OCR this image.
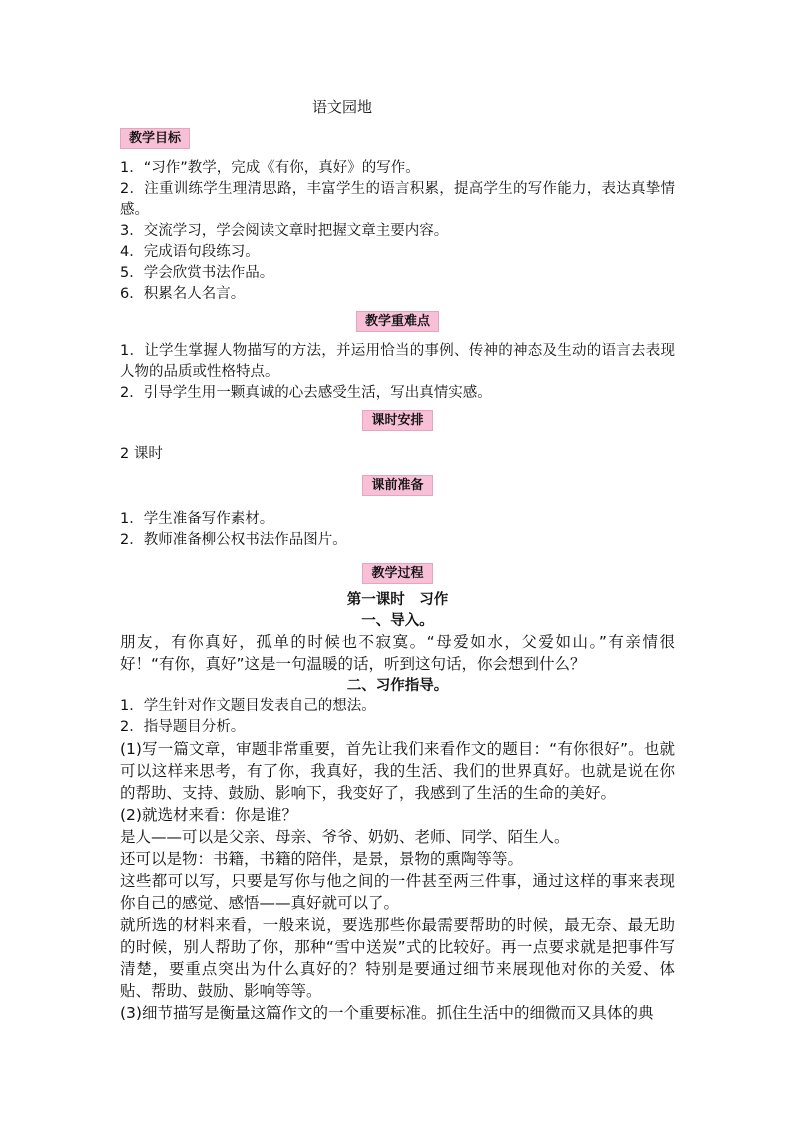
语文园地
教学目标
1．“习作”教学，完成《有你，真好》的写作。
2．注重训练学生理清思路，丰富学生的语言积累，提高学生的写作能力，表达真挚情感。
3．交流学习，学会阅读文章时把握文章主要内容。
4．完成语句段练习。
5．学会欣赏书法作品。
6．积累名人名言。
教学重难点
1．让学生掌握人物描写的方法，并运用恰当的事例、传神的神态及生动的语言去表现人物的品质或性格特点。
2．引导学生用一颗真诚的心去感受生活，写出真情实感。
课时安排
2 课时
课前准备
1．学生准备写作素材。
2．教师准备柳公权书法作品图片。
教学过程
第一课时　习作
一、导入。
朋友，有你真好，孤单的时候也不寂寞。“母爱如水，父爱如山。”有亲情很好！“有你，真好”这是一句温暖的话，听到这句话，你会想到什么？
二、习作指导。
1．学生针对作文题目发表自己的想法。
2．指导题目分析。
(1)写一篇文章，审题非常重要，首先让我们来看作文的题目：“有你很好”。也就可以这样来思考，有了你，我真好，我的生活、我们的世界真好。也就是说在你的帮助、支持、鼓励、影响下，我变好了，我感到了生活的生命的美好。
(2)就选材来看：你是谁？
是人——可以是父亲、母亲、爷爷、奶奶、老师、同学、陌生人。
还可以是物：书籍，书籍的陪伴，是景，景物的熏陶等等。
这些都可以写，只要是写你与他之间的一件甚至两三件事，通过这样的事来表现你自己的感觉、感悟——真好就可以了。
就所选的材料来看，一般来说，要选那些你最需要帮助的时候，最无奈、最无助的时候，别人帮助了你，那种“雪中送炭”式的比较好。再一点要求就是把事件写清楚，要重点突出为什么真好的？特别是要通过细节来展现他对你的关爱、体贴、帮助、鼓励、影响等等。
(3)细节描写是衡量这篇作文的一个重要标准。抓住生活中的细微而又具体的典
